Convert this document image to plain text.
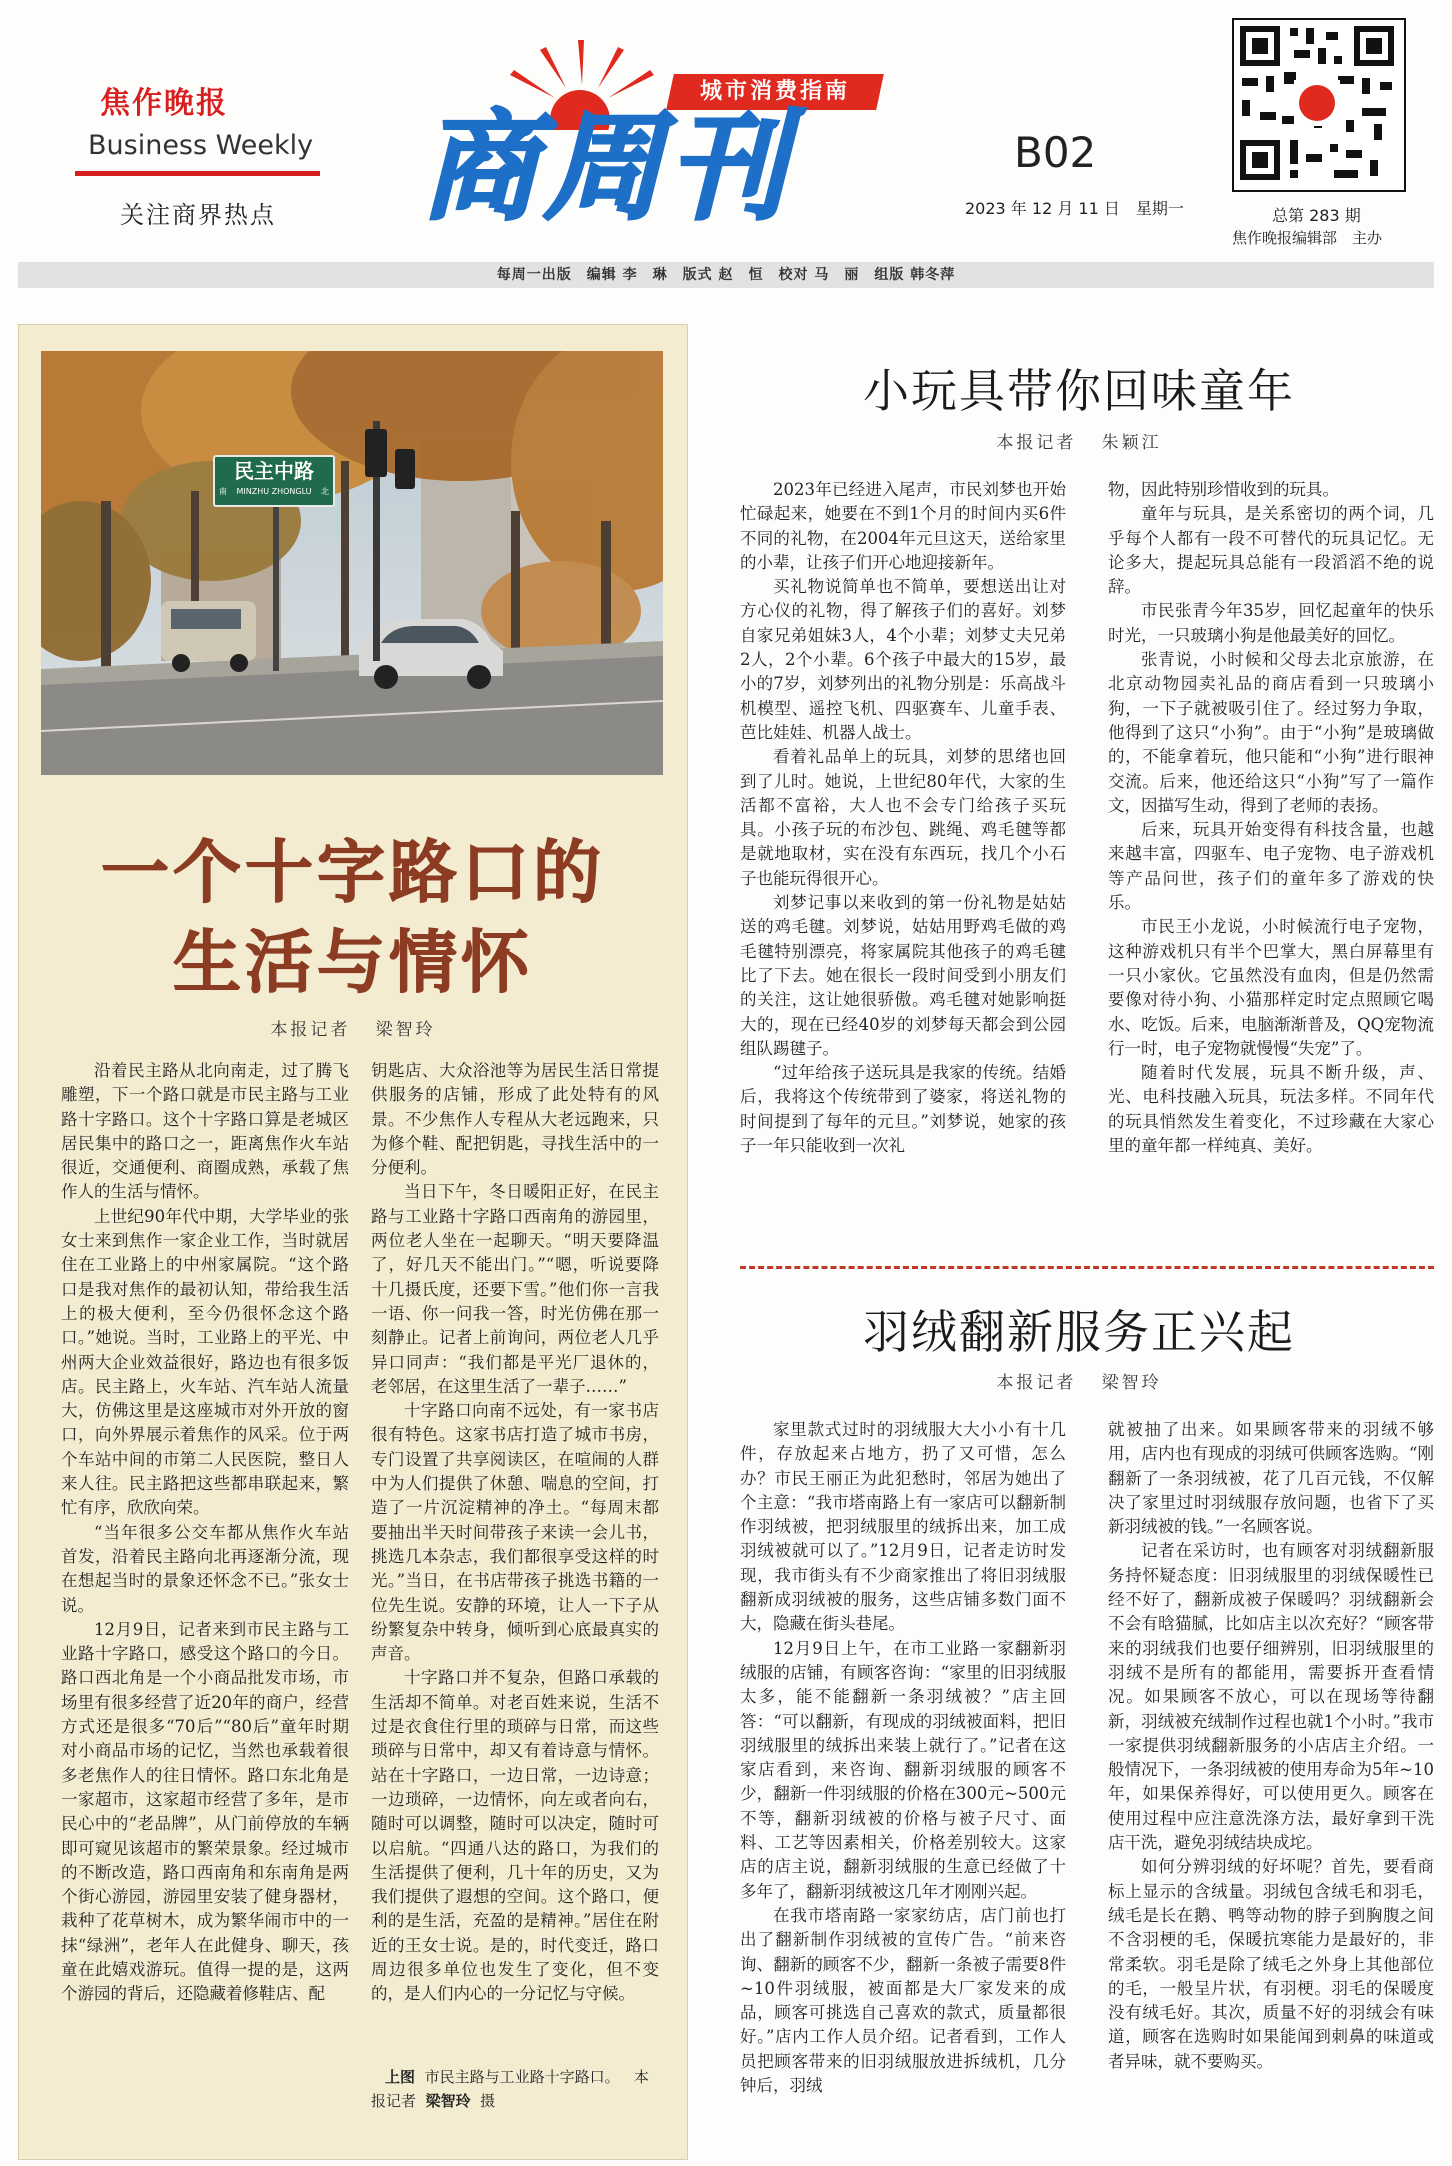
焦作晚报
Business Weekly
关注商界热点
城市消费指南
商周刊	B02
2023 年 12 月 11 日　星期一	总第 283 期
焦作晚报编辑部　主办
每周一出版　编辑 李　琳　版式 赵　恒　校对 马　丽　组版 韩冬萍
民主中路
南 MINZHU ZHONGLU 北
一个十字路口的
生活与情怀
本报记者 梁智玲

沿着民主路从北向南走，过了腾飞雕塑，下一个路口就是市民主路与工业路十字路口。这个十字路口算是老城区居民集中的路口之一，距离焦作火车站很近，交通便利、商圈成熟，承载了焦作人的生活与情怀。

上世纪90年代中期，大学毕业的张女士来到焦作一家企业工作，当时就居住在工业路上的中州家属院。“这个路口是我对焦作的最初认知，带给我生活上的极大便利，至今仍很怀念这个路口。”她说。当时，工业路上的平光、中州两大企业效益很好，路边也有很多饭店。民主路上，火车站、汽车站人流量大，仿佛这里是这座城市对外开放的窗口，向外界展示着焦作的风采。位于两个车站中间的市第二人民医院，整日人来人往。民主路把这些都串联起来，繁忙有序，欣欣向荣。

“当年很多公交车都从焦作火车站首发，沿着民主路向北再逐渐分流，现在想起当时的景象还怀念不已。”张女士说。

12月9日，记者来到市民主路与工业路十字路口，感受这个路口的今日。路口西北角是一个小商品批发市场，市场里有很多经营了近20年的商户，经营方式还是很多“70后”“80后”童年时期对小商品市场的记忆，当然也承载着很多老焦作人的往日情怀。路口东北角是一家超市，这家超市经营了多年，是市民心中的“老品牌”，从门前停放的车辆即可窥见该超市的繁荣景象。经过城市的不断改造，路口西南角和东南角是两个街心游园，游园里安装了健身器材，栽种了花草树木，成为繁华闹市中的一抹“绿洲”，老年人在此健身、聊天，孩童在此嬉戏游玩。值得一提的是，这两个游园的背后，还隐藏着修鞋店、配

钥匙店、大众浴池等为居民生活日常提供服务的店铺，形成了此处特有的风景。不少焦作人专程从大老远跑来，只为修个鞋、配把钥匙，寻找生活中的一分便利。

当日下午，冬日暖阳正好，在民主路与工业路十字路口西南角的游园里，两位老人坐在一起聊天。“明天要降温了，好几天不能出门。”“嗯，听说要降十几摄氏度，还要下雪。”他们你一言我一语、你一问我一答，时光仿佛在那一刻静止。记者上前询问，两位老人几乎异口同声：“我们都是平光厂退休的，老邻居，在这里生活了一辈子……”

十字路口向南不远处，有一家书店很有特色。这家书店打造了城市书房，专门设置了共享阅读区，在喧闹的人群中为人们提供了休憩、喘息的空间，打造了一片沉淀精神的净土。“每周末都要抽出半天时间带孩子来读一会儿书，挑选几本杂志，我们都很享受这样的时光。”当日，在书店带孩子挑选书籍的一位先生说。安静的环境，让人一下子从纷繁复杂中转身，倾听到心底最真实的声音。

十字路口并不复杂，但路口承载的生活却不简单。对老百姓来说，生活不过是衣食住行里的琐碎与日常，而这些琐碎与日常中，却又有着诗意与情怀。站在十字路口，一边日常，一边诗意；一边琐碎，一边情怀，向左或者向右，随时可以调整，随时可以决定，随时可以启航。“四通八达的路口，为我们的生活提供了便利，几十年的历史，又为我们提供了遐想的空间。这个路口，便利的是生活，充盈的是精神。”居住在附近的王女士说。是的，时代变迁，路口周边很多单位也发生了变化，但不变的，是人们内心的一分记忆与守候。

上图 市民主路与工业路十字路口。 本报记者 梁智玲 摄
小玩具带你回味童年
本报记者 朱颖江

2023年已经进入尾声，市民刘梦也开始忙碌起来，她要在不到1个月的时间内买6件不同的礼物，在2004年元旦这天，送给家里的小辈，让孩子们开心地迎接新年。

买礼物说简单也不简单，要想送出让对方心仪的礼物，得了解孩子们的喜好。刘梦自家兄弟姐妹3人，4个小辈；刘梦丈夫兄弟2人，2个小辈。6个孩子中最大的15岁，最小的7岁，刘梦列出的礼物分别是：乐高战斗机模型、遥控飞机、四驱赛车、儿童手表、芭比娃娃、机器人战士。

看着礼品单上的玩具，刘梦的思绪也回到了儿时。她说，上世纪80年代，大家的生活都不富裕，大人也不会专门给孩子买玩具。小孩子玩的布沙包、跳绳、鸡毛毽等都是就地取材，实在没有东西玩，找几个小石子也能玩得很开心。

刘梦记事以来收到的第一份礼物是姑姑送的鸡毛毽。刘梦说，姑姑用野鸡毛做的鸡毛毽特别漂亮，将家属院其他孩子的鸡毛毽比了下去。她在很长一段时间受到小朋友们的关注，这让她很骄傲。鸡毛毽对她影响挺大的，现在已经40岁的刘梦每天都会到公园组队踢毽子。

“过年给孩子送玩具是我家的传统。结婚后，我将这个传统带到了婆家，将送礼物的时间提到了每年的元旦。”刘梦说，她家的孩子一年只能收到一次礼

物，因此特别珍惜收到的玩具。

童年与玩具，是关系密切的两个词，几乎每个人都有一段不可替代的玩具记忆。无论多大，提起玩具总能有一段滔滔不绝的说辞。

市民张青今年35岁，回忆起童年的快乐时光，一只玻璃小狗是他最美好的回忆。

张青说，小时候和父母去北京旅游，在北京动物园卖礼品的商店看到一只玻璃小狗，一下子就被吸引住了。经过努力争取，他得到了这只“小狗”。由于“小狗”是玻璃做的，不能拿着玩，他只能和“小狗”进行眼神交流。后来，他还给这只“小狗”写了一篇作文，因描写生动，得到了老师的表扬。

后来，玩具开始变得有科技含量，也越来越丰富，四驱车、电子宠物、电子游戏机等产品问世，孩子们的童年多了游戏的快乐。

市民王小龙说，小时候流行电子宠物，这种游戏机只有半个巴掌大，黑白屏幕里有一只小家伙。它虽然没有血肉，但是仍然需要像对待小狗、小猫那样定时定点照顾它喝水、吃饭。后来，电脑渐渐普及，QQ宠物流行一时，电子宠物就慢慢“失宠”了。

随着时代发展，玩具不断升级，声、光、电科技融入玩具，玩法多样。不同年代的玩具悄然发生着变化，不过珍藏在大家心里的童年都一样纯真、美好。

羽绒翻新服务正兴起
本报记者 梁智玲

家里款式过时的羽绒服大大小小有十几件，存放起来占地方，扔了又可惜，怎么办？市民王丽正为此犯愁时，邻居为她出了个主意：“我市塔南路上有一家店可以翻新制作羽绒被，把羽绒服里的绒拆出来，加工成羽绒被就可以了。”12月9日，记者走访时发现，我市街头有不少商家推出了将旧羽绒服翻新成羽绒被的服务，这些店铺多数门面不大，隐藏在街头巷尾。

12月9日上午，在市工业路一家翻新羽绒服的店铺，有顾客咨询：“家里的旧羽绒服太多，能不能翻新一条羽绒被？”店主回答：“可以翻新，有现成的羽绒被面料，把旧羽绒服里的绒拆出来装上就行了。”记者在这家店看到，来咨询、翻新羽绒服的顾客不少，翻新一件羽绒服的价格在300元~500元不等，翻新羽绒被的价格与被子尺寸、面料、工艺等因素相关，价格差别较大。这家店的店主说，翻新羽绒服的生意已经做了十多年了，翻新羽绒被这几年才刚刚兴起。

在我市塔南路一家家纺店，店门前也打出了翻新制作羽绒被的宣传广告。“前来咨询、翻新的顾客不少，翻新一条被子需要8件~10件羽绒服，被面都是大厂家发来的成品，顾客可挑选自己喜欢的款式，质量都很好。”店内工作人员介绍。记者看到，工作人员把顾客带来的旧羽绒服放进拆绒机，几分钟后，羽绒

就被抽了出来。如果顾客带来的羽绒不够用，店内也有现成的羽绒可供顾客选购。“刚翻新了一条羽绒被，花了几百元钱，不仅解决了家里过时羽绒服存放问题，也省下了买新羽绒被的钱。”一名顾客说。

记者在采访时，也有顾客对羽绒翻新服务持怀疑态度：旧羽绒服里的羽绒保暖性已经不好了，翻新成被子保暖吗？羽绒翻新会不会有晗猫腻，比如店主以次充好？“顾客带来的羽绒我们也要仔细辨别，旧羽绒服里的羽绒不是所有的都能用，需要拆开查看情况。如果顾客不放心，可以在现场等待翻新，羽绒被充绒制作过程也就1个小时。”我市一家提供羽绒翻新服务的小店店主介绍。一般情况下，一条羽绒被的使用寿命为5年~10年，如果保养得好，可以使用更久。顾客在使用过程中应注意洗涤方法，最好拿到干洗店干洗，避免羽绒结块成坨。

如何分辨羽绒的好坏呢？首先，要看商标上显示的含绒量。羽绒包含绒毛和羽毛，绒毛是长在鹅、鸭等动物的脖子到胸腹之间不含羽梗的毛，保暖抗寒能力是最好的，非常柔软。羽毛是除了绒毛之外身上其他部位的毛，一般呈片状，有羽梗。羽毛的保暖度没有绒毛好。其次，质量不好的羽绒会有味道，顾客在选购时如果能闻到刺鼻的味道或者异味，就不要购买。
